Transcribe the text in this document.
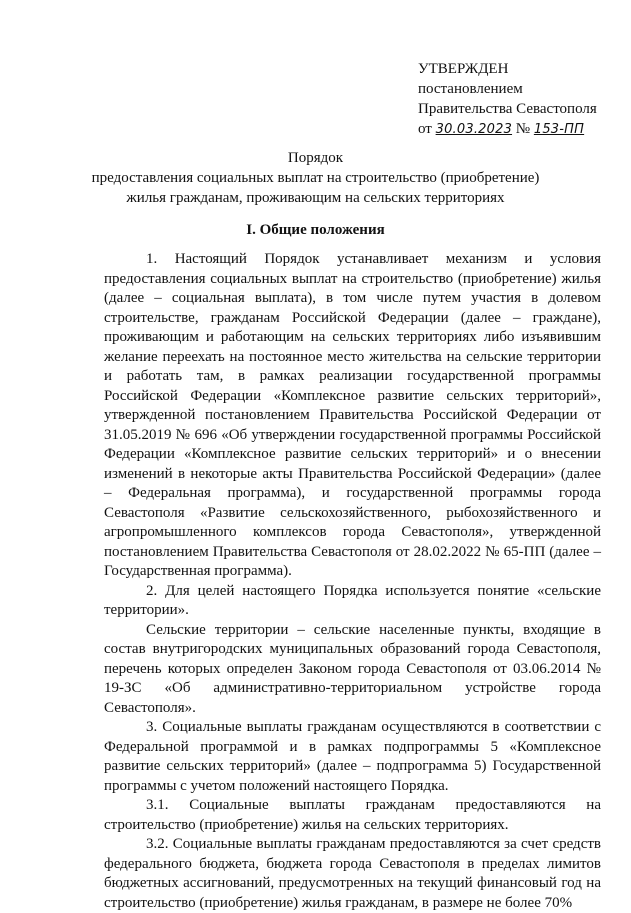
УТВЕРЖДЕН
постановлением
Правительства Севастополя
от 30.03.2023 № 153-ПП
Порядок
предоставления социальных выплат на строительство (приобретение)
жилья гражданам, проживающим на сельских территориях
I. Общие положения

1. Настоящий Порядок устанавливает механизм и условия предоставления социальных выплат на строительство (приобретение) жилья (далее – социальная выплата), в том числе путем участия в долевом строительстве, гражданам Российской Федерации (далее – граждане), проживающим и работающим на сельских территориях либо изъявившим желание переехать на постоянное место жительства на сельские территории и работать там, в рамках реализации государственной программы Российской Федерации «Комплексное развитие сельских территорий», утвержденной постановлением Правительства Российской Федерации от 31.05.2019 № 696 «Об утверждении государственной программы Российской Федерации «Комплексное развитие сельских территорий» и о внесении изменений в некоторые акты Правительства Российской Федерации» (далее – Федеральная программа), и государственной программы города Севастополя «Развитие сельскохозяйственного, рыбохозяйственного и агропромышленного комплексов города Севастополя», утвержденной постановлением Правительства Севастополя от 28.02.2022 № 65-ПП (далее – Государственная программа).

2. Для целей настоящего Порядка используется понятие «сельские территории».

Сельские территории – сельские населенные пункты, входящие в состав внутригородских муниципальных образований города Севастополя, перечень которых определен Законом города Севастополя от 03.06.2014 № 19-ЗС «Об административно-территориальном устройстве города Севастополя».

3. Социальные выплаты гражданам осуществляются в соответствии с Федеральной программой и в рамках подпрограммы 5 «Комплексное развитие сельских территорий» (далее – подпрограмма 5) Государственной программы с учетом положений настоящего Порядка.

3.1. Социальные выплаты гражданам предоставляются на строительство (приобретение) жилья на сельских территориях.

3.2. Социальные выплаты гражданам предоставляются за счет средств федерального бюджета, бюджета города Севастополя в пределах лимитов бюджетных ассигнований, предусмотренных на текущий финансовый год на строительство (приобретение) жилья гражданам, в размере не более 70%
